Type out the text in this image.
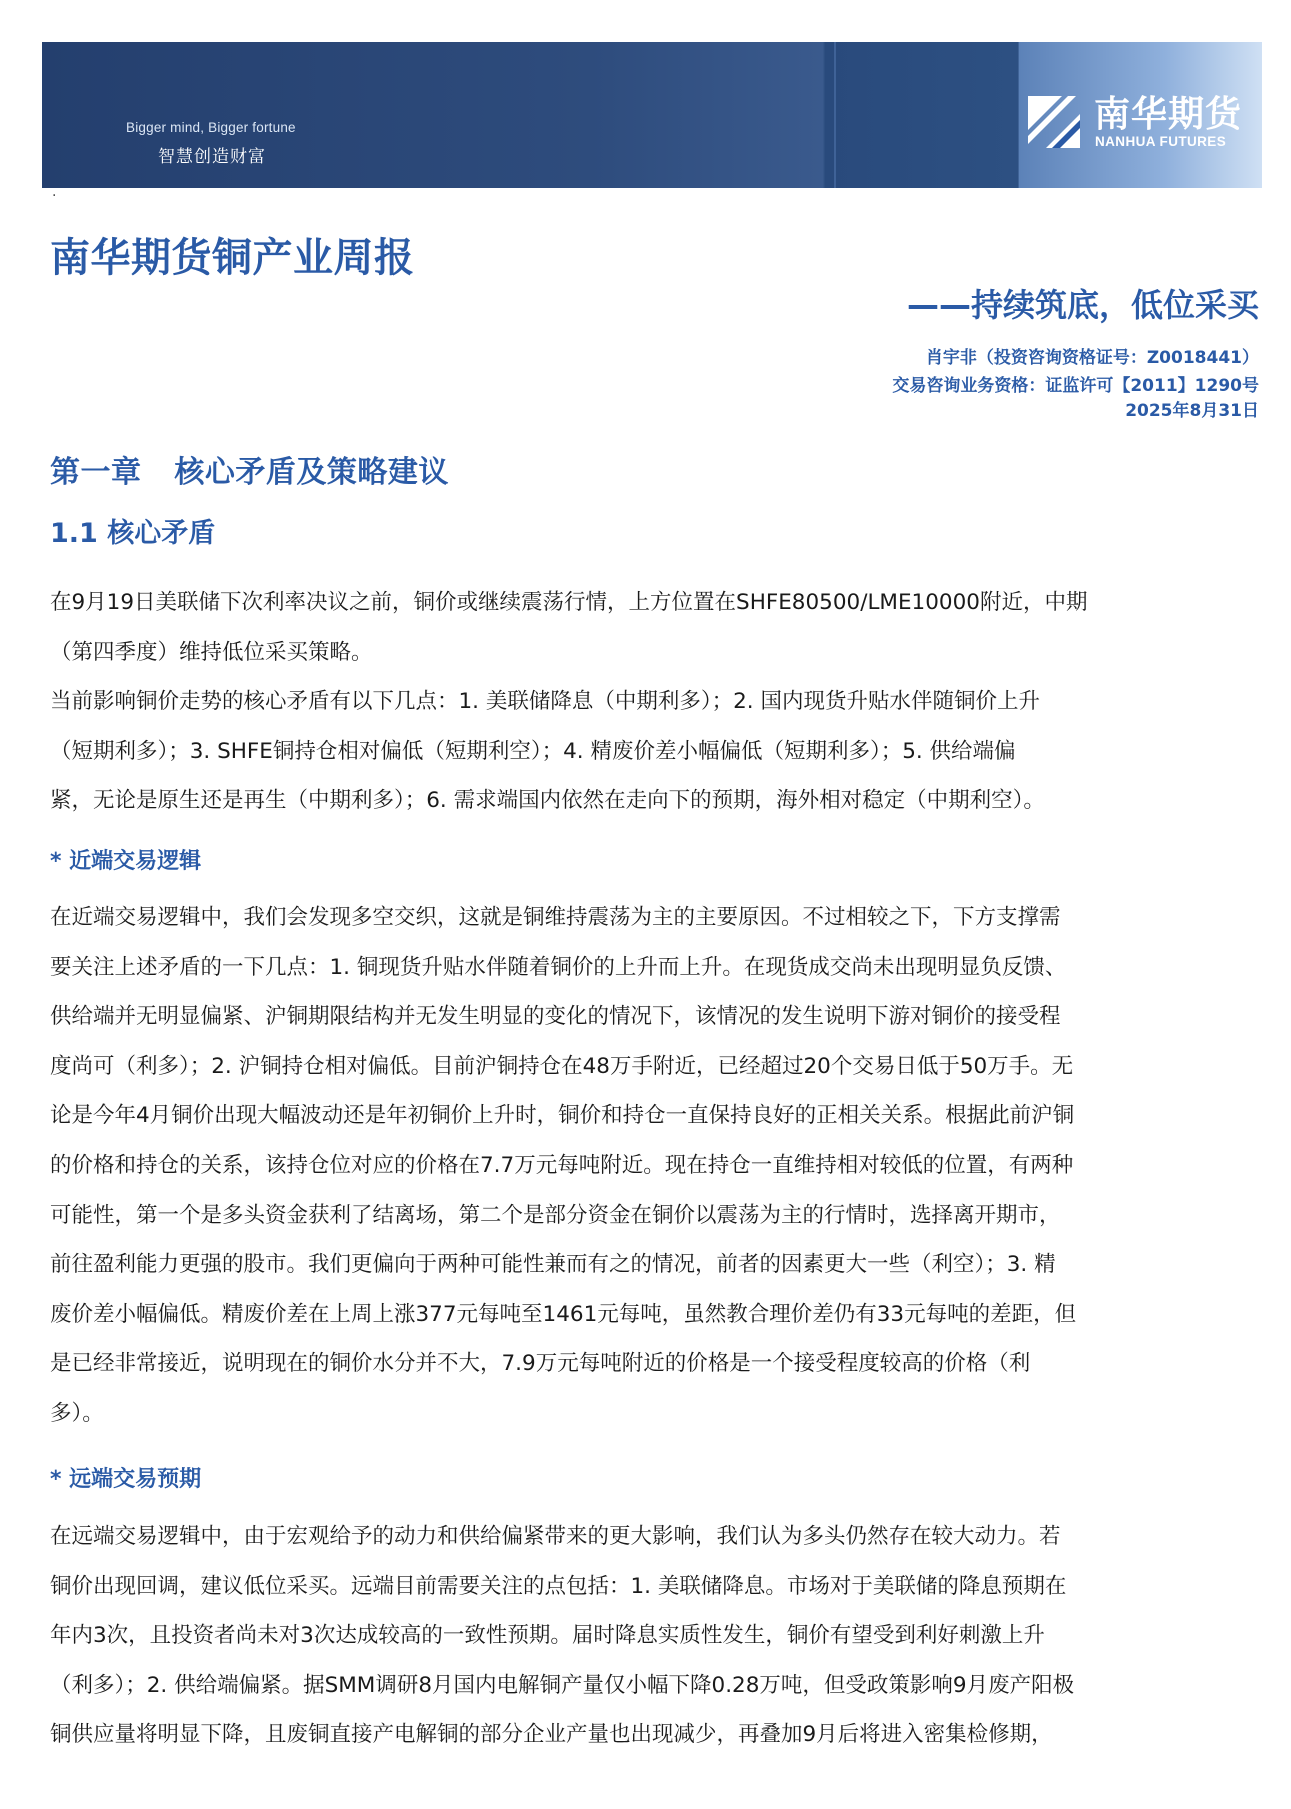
Bigger mind, Bigger fortune
智慧创造财富
南华期货
NANHUA FUTURES
·
南华期货铜产业周报
——持续筑底，低位采买
肖宇非（投资咨询资格证号：Z0018441）
交易咨询业务资格：证监许可【2011】1290号
2025年8月31日
第一章   核心矛盾及策略建议
1.1 核心矛盾
在9月19日美联储下次利率决议之前，铜价或继续震荡行情，上方位置在SHFE80500/LME10000附近，中期
（第四季度）维持低位采买策略。
当前影响铜价走势的核心矛盾有以下几点：1. 美联储降息（中期利多）；2. 国内现货升贴水伴随铜价上升
（短期利多）；3. SHFE铜持仓相对偏低（短期利空）；4. 精废价差小幅偏低（短期利多）；5. 供给端偏
紧，无论是原生还是再生（中期利多）；6. 需求端国内依然在走向下的预期，海外相对稳定（中期利空）。
* 近端交易逻辑
在近端交易逻辑中，我们会发现多空交织，这就是铜维持震荡为主的主要原因。不过相较之下，下方支撑需
要关注上述矛盾的一下几点：1. 铜现货升贴水伴随着铜价的上升而上升。在现货成交尚未出现明显负反馈、
供给端并无明显偏紧、沪铜期限结构并无发生明显的变化的情况下，该情况的发生说明下游对铜价的接受程
度尚可（利多）；2. 沪铜持仓相对偏低。目前沪铜持仓在48万手附近，已经超过20个交易日低于50万手。无
论是今年4月铜价出现大幅波动还是年初铜价上升时，铜价和持仓一直保持良好的正相关关系。根据此前沪铜
的价格和持仓的关系，该持仓位对应的价格在7.7万元每吨附近。现在持仓一直维持相对较低的位置，有两种
可能性，第一个是多头资金获利了结离场，第二个是部分资金在铜价以震荡为主的行情时，选择离开期市，
前往盈利能力更强的股市。我们更偏向于两种可能性兼而有之的情况，前者的因素更大一些（利空）；3. 精
废价差小幅偏低。精废价差在上周上涨377元每吨至1461元每吨，虽然教合理价差仍有33元每吨的差距，但
是已经非常接近，说明现在的铜价水分并不大，7.9万元每吨附近的价格是一个接受程度较高的价格（利
多）。
* 远端交易预期
在远端交易逻辑中，由于宏观给予的动力和供给偏紧带来的更大影响，我们认为多头仍然存在较大动力。若
铜价出现回调，建议低位采买。远端目前需要关注的点包括：1. 美联储降息。市场对于美联储的降息预期在
年内3次，且投资者尚未对3次达成较高的一致性预期。届时降息实质性发生，铜价有望受到利好刺激上升
（利多）；2. 供给端偏紧。据SMM调研8月国内电解铜产量仅小幅下降0.28万吨，但受政策影响9月废产阳极
铜供应量将明显下降，且废铜直接产电解铜的部分企业产量也出现减少，再叠加9月后将进入密集检修期，
